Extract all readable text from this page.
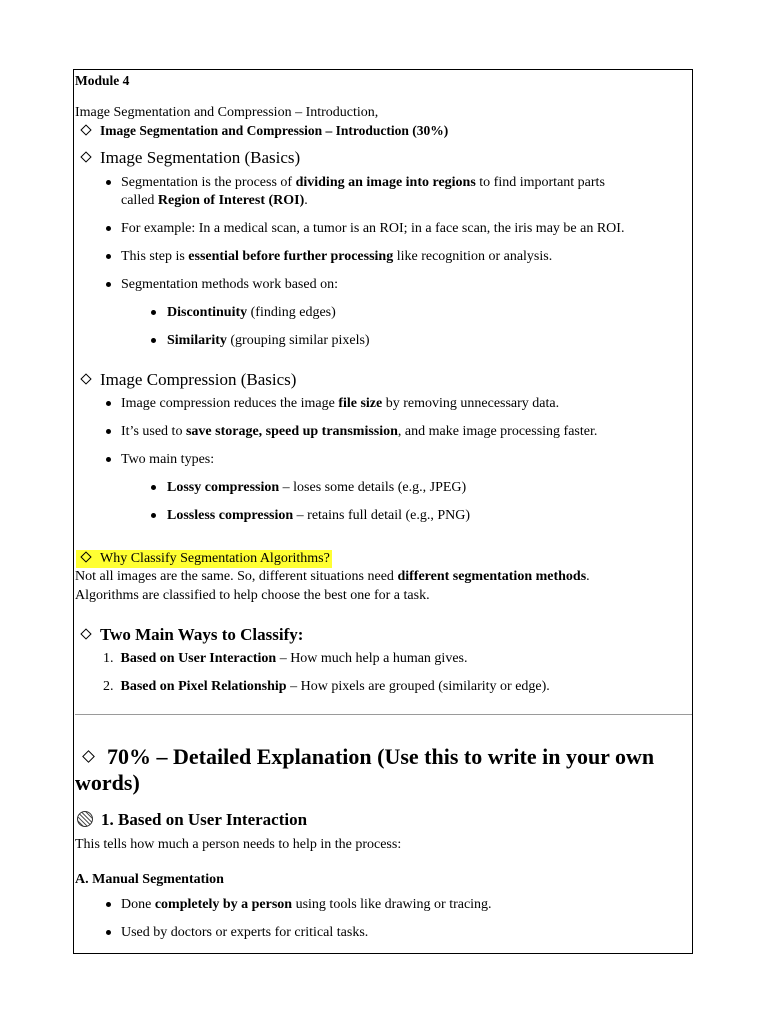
Module 4
Image Segmentation and Compression – Introduction,
Image Segmentation and Compression – Introduction (30%)
Image Segmentation (Basics)
Segmentation is the process of dividing an image into regions to find important parts
called Region of Interest (ROI).
For example: In a medical scan, a tumor is an ROI; in a face scan, the iris may be an ROI.
This step is essential before further processing like recognition or analysis.
Segmentation methods work based on:
Discontinuity (finding edges)
Similarity (grouping similar pixels)
Image Compression (Basics)
Image compression reduces the image file size by removing unnecessary data.
It’s used to save storage, speed up transmission, and make image processing faster.
Two main types:
Lossy compression – loses some details (e.g., JPEG)
Lossless compression – retains full detail (e.g., PNG)
Why Classify Segmentation Algorithms?
Not all images are the same. So, different situations need different segmentation methods.
Algorithms are classified to help choose the best one for a task.
Two Main Ways to Classify:
1. Based on User Interaction – How much help a human gives.
2. Based on Pixel Relationship – How pixels are grouped (similarity or edge).
70% – Detailed Explanation (Use this to write in your own words)
1. Based on User Interaction
This tells how much a person needs to help in the process:
A. Manual Segmentation
Done completely by a person using tools like drawing or tracing.
Used by doctors or experts for critical tasks.
